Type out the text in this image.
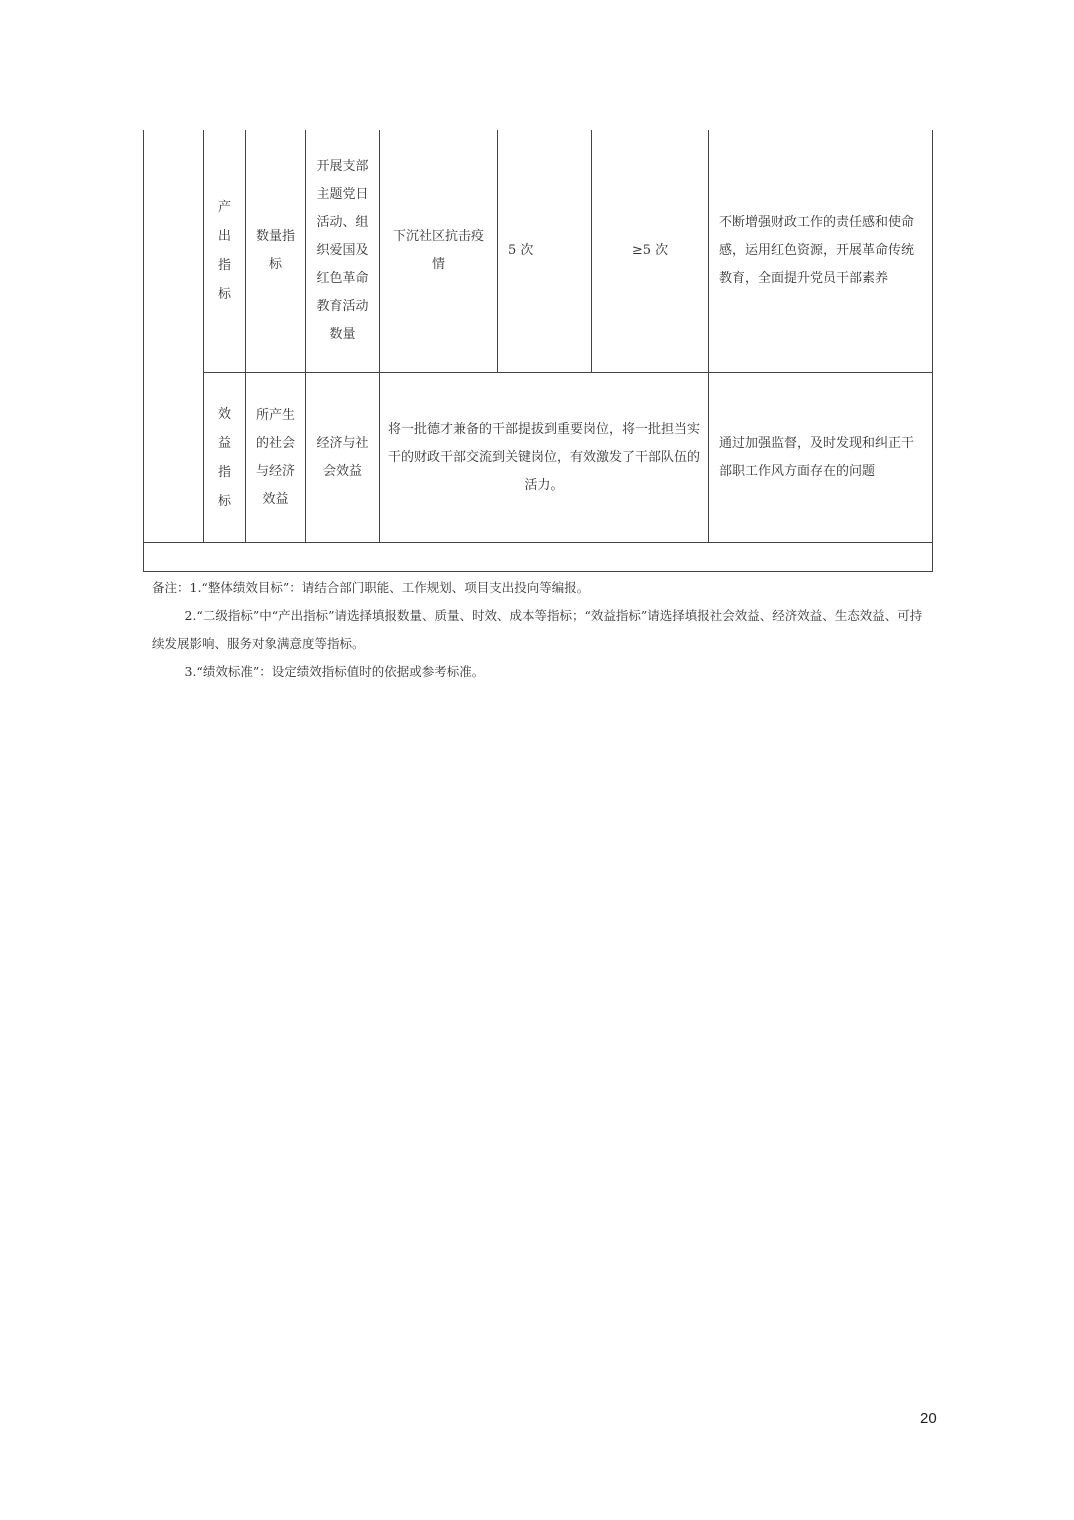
产出指标
数量指标
开展支部主题党日活动、组织爱国及红色革命教育活动数量
下沉社区抗击疫情
5 次	≥5 次
不断增强财政工作的责任感和使命感，运用红色资源，开展革命传统教育，全面提升党员干部素养
效益指标
所产生的社会与经济效益
经济与社会效益
将一批德才兼备的干部提拔到重要岗位，将一批担当实干的财政干部交流到关键岗位，有效激发了干部队伍的活力。
通过加强监督，及时发现和纠正干部职工作风方面存在的问题
备注：1.“整体绩效目标”：请结合部门职能、工作规划、项目支出投向等编报。
2.“二级指标”中“产出指标”请选择填报数量、质量、时效、成本等指标；“效益指标”请选择填报社会效益、经济效益、生态效益、可持续发展影响、服务对象满意度等指标。
3.“绩效标准”：设定绩效指标值时的依据或参考标准。
20
